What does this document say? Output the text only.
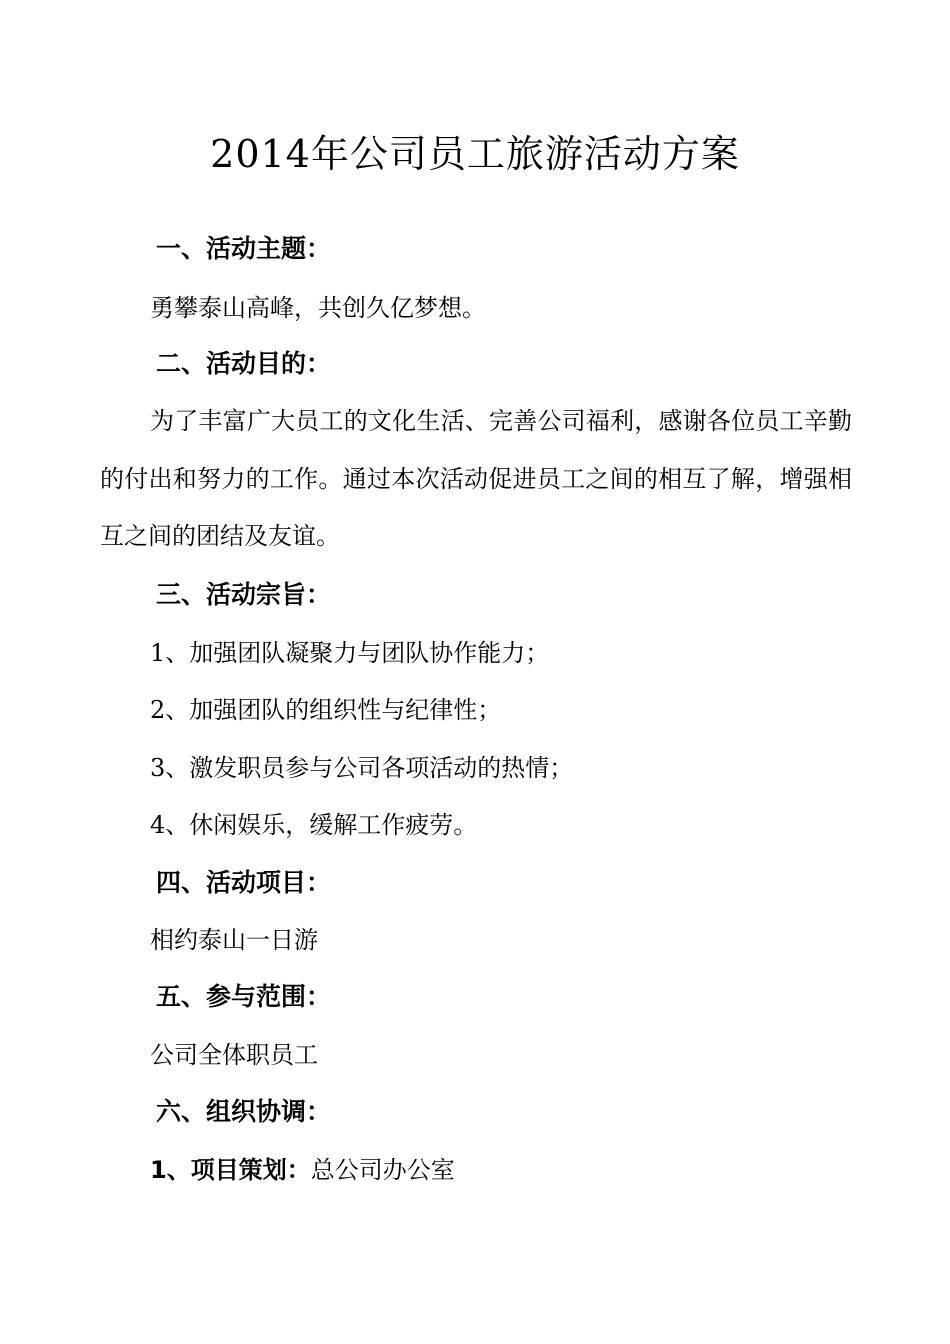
2014年公司员工旅游活动方案
一、活动主题：
勇攀泰山高峰，共创久亿梦想。
二、活动目的：
为了丰富广大员工的文化生活、完善公司福利，感谢各位员工辛勤的付出和努力的工作。通过本次活动促进员工之间的相互了解，增强相互之间的团结及友谊。
三、活动宗旨：
1、加强团队凝聚力与团队协作能力；
2、加强团队的组织性与纪律性；
3、激发职员参与公司各项活动的热情；
4、休闲娱乐，缓解工作疲劳。
四、活动项目：
相约泰山一日游
五、参与范围：
公司全体职员工
六、组织协调：
1、项目策划：总公司办公室
